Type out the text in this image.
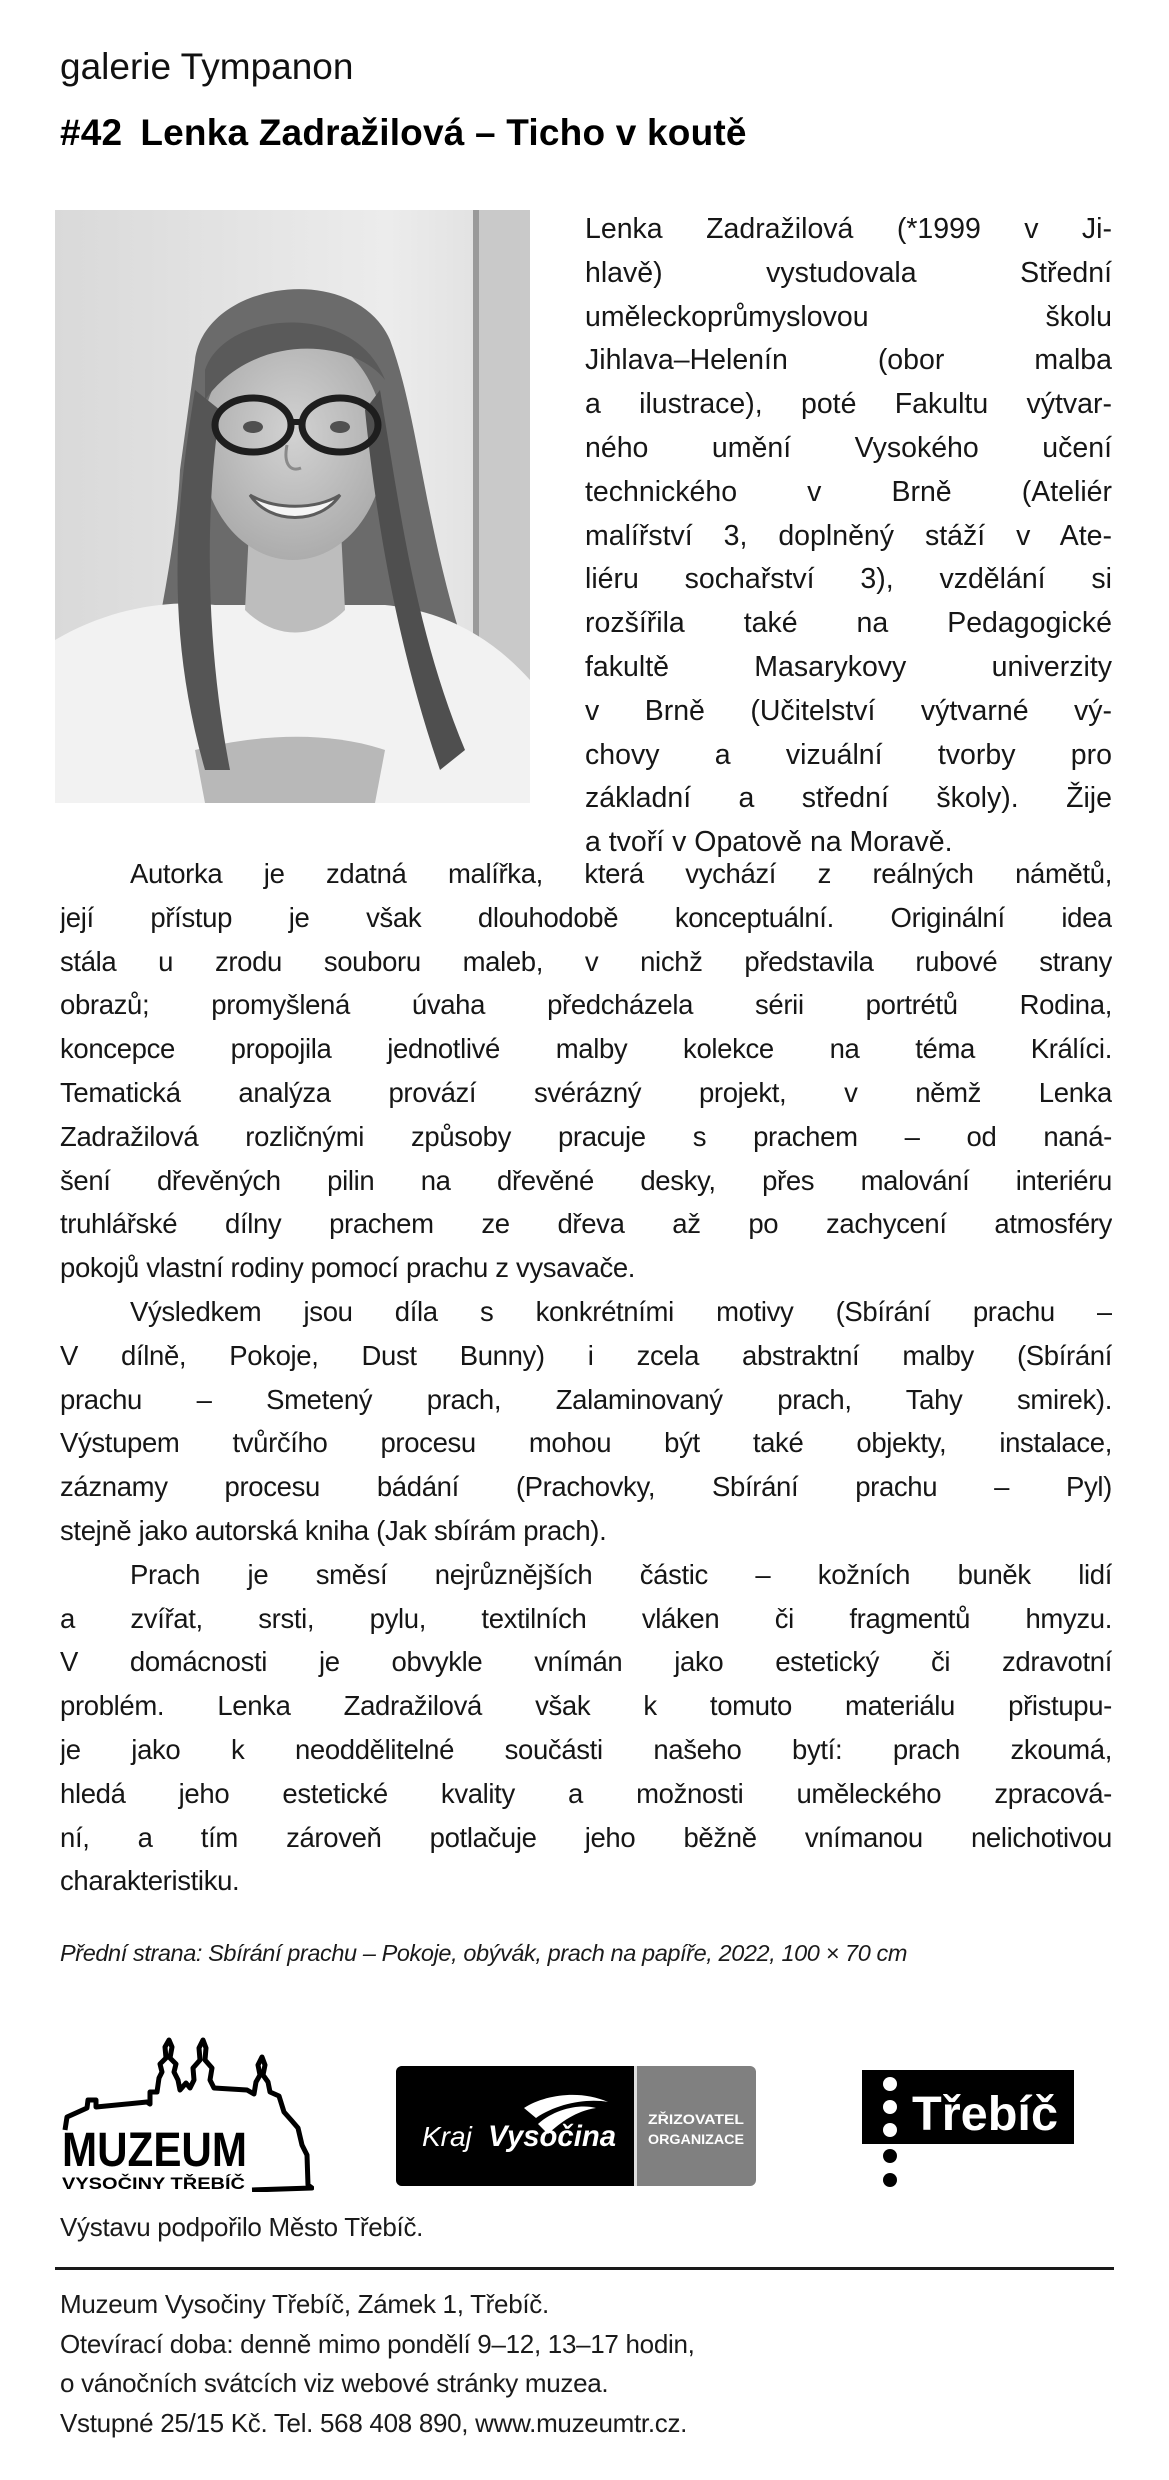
galerie Tympanon
#42 Lenka Zadražilová – Ticho v koutě
Lenka Zadražilová (*1999 v Ji-
hlavě) vystudovala Střední
uměleckoprůmyslovou školu
Jihlava–Helenín (obor malba
a ilustrace), poté Fakultu výtvar-
ného umění Vysokého učení
technického v Brně (Ateliér
malířství 3, doplněný stáží v Ate-
liéru sochařství 3), vzdělání si
rozšířila také na Pedagogické
fakultě Masarykovy univerzity
v Brně (Učitelství výtvarné vý-
chovy a vizuální tvorby pro
základní a střední školy). Žije
a tvoří v Opatově na Moravě.
Autorka je zdatná malířka, která vychází z reálných námětů,
její přístup je však dlouhodobě konceptuální. Originální idea
stála u zrodu souboru maleb, v nichž představila rubové strany
obrazů; promyšlená úvaha předcházela sérii portrétů Rodina,
koncepce propojila jednotlivé malby kolekce na téma Králíci.
Tematická analýza provází svérázný projekt, v němž Lenka
Zadražilová rozličnými způsoby pracuje s prachem – od naná-
šení dřevěných pilin na dřevěné desky, přes malování interiéru
truhlářské dílny prachem ze dřeva až po zachycení atmosféry
pokojů vlastní rodiny pomocí prachu z vysavače.
Výsledkem jsou díla s konkrétními motivy (Sbírání prachu –
V dílně, Pokoje, Dust Bunny) i zcela abstraktní malby (Sbírání
prachu – Smetený prach, Zalaminovaný prach, Tahy smirek).
Výstupem tvůrčího procesu mohou být také objekty, instalace,
záznamy procesu bádání (Prachovky, Sbírání prachu – Pyl)
stejně jako autorská kniha (Jak sbírám prach).
Prach je směsí nejrůznějších částic – kožních buněk lidí
a zvířat, srsti, pylu, textilních vláken či fragmentů hmyzu.
V domácnosti je obvykle vnímán jako estetický či zdravotní
problém. Lenka Zadražilová však k tomuto materiálu přistupu-
je jako k neoddělitelné součásti našeho bytí: prach zkoumá,
hledá jeho estetické kvality a možnosti uměleckého zpracová-
ní, a tím zároveň potlačuje jeho běžně vnímanou nelichotivou
charakteristiku.
Přední strana: Sbírání prachu – Pokoje, obývák, prach na papíře, 2022, 100 × 70 cm
MUZEUM
VYSOČINY TŘEBÍČ
Kraj Vysočina
ZŘIZOVATEL
ORGANIZACE	Třebíč
Výstavu podpořilo Město Třebíč.
Muzeum Vysočiny Třebíč, Zámek 1, Třebíč.
Otevírací doba: denně mimo pondělí 9–12, 13–17 hodin,
o vánočních svátcích viz webové stránky muzea.
Vstupné 25/15 Kč. Tel. 568 408 890, www.muzeumtr.cz.
